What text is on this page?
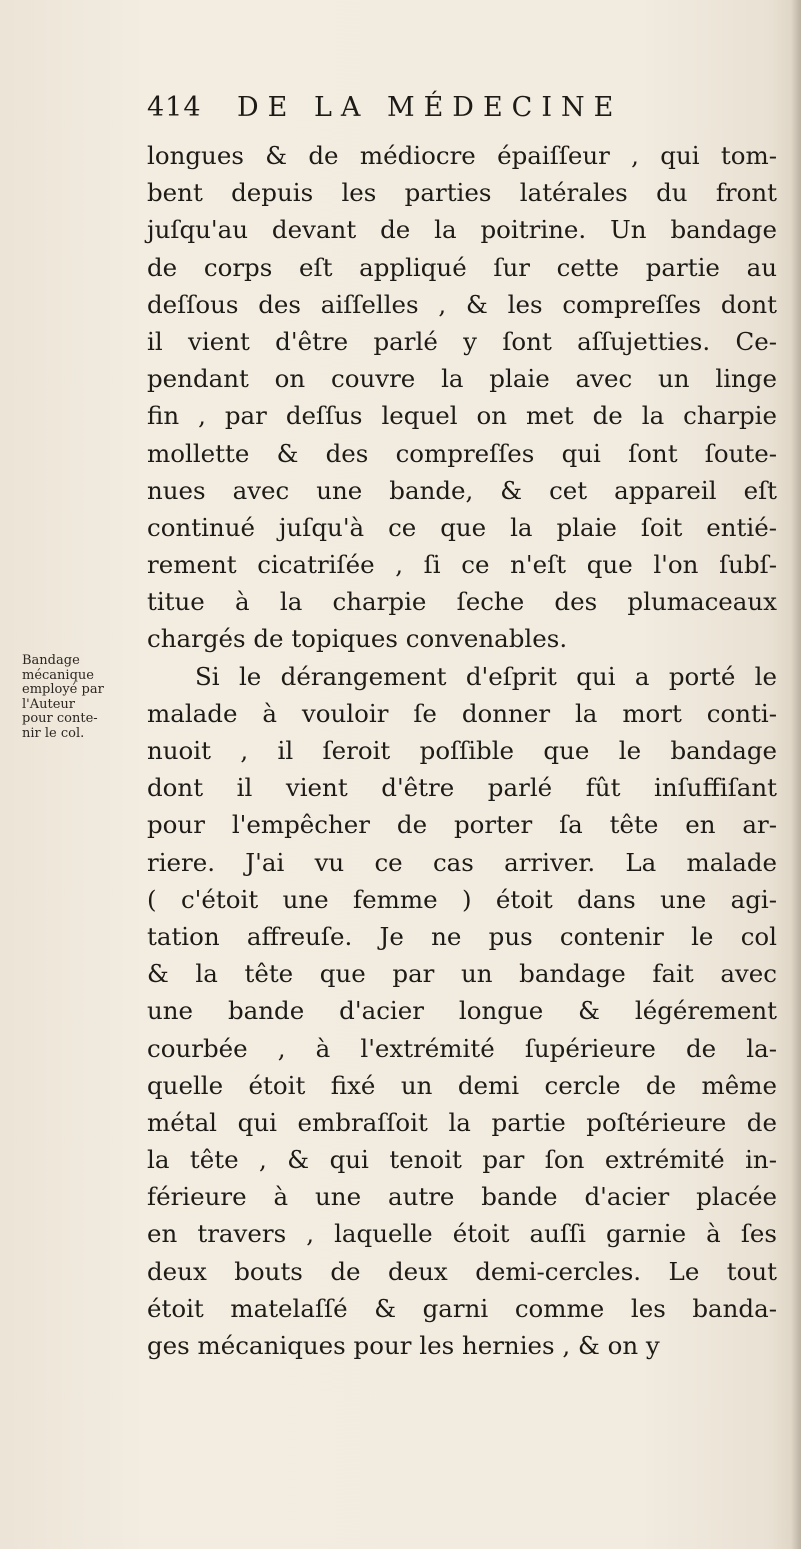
414 DE LA MÉDECINE
Bandage
mécanique
employé par
l'Auteur
pour conte-
nir le col.
longues & de médiocre épaiſſeur , qui tom-
bent depuis les parties latérales du front
juſqu'au devant de la poitrine. Un bandage
de corps eſt appliqué ſur cette partie au
deſſous des aiſſelles , & les compreſſes dont
il vient d'être parlé y ſont aſſujetties. Ce-
pendant on couvre la plaie avec un linge
fin , par deſſus lequel on met de la charpie
mollette & des compreſſes qui ſont ſoute-
nues avec une bande, & cet appareil eſt
continué juſqu'à ce que la plaie ſoit entié-
rement cicatriſée , ſi ce n'eſt que l'on ſubſ-
titue à la charpie ſeche des plumaceaux
chargés de topiques convenables.
Si le dérangement d'eſprit qui a porté le
malade à vouloir ſe donner la mort conti-
nuoit , il ſeroit poſſible que le bandage
dont il vient d'être parlé fût inſuffiſant
pour l'empêcher de porter ſa tête en ar-
riere. J'ai vu ce cas arriver. La malade
( c'étoit une femme ) étoit dans une agi-
tation affreuſe. Je ne pus contenir le col
& la tête que par un bandage fait avec
une bande d'acier longue & légérement
courbée , à l'extrémité ſupérieure de la-
quelle étoit fixé un demi cercle de même
métal qui embraſſoit la partie poſtérieure de
la tête , & qui tenoit par ſon extrémité in-
férieure à une autre bande d'acier placée
en travers , laquelle étoit auſſi garnie à ſes
deux bouts de deux demi-cercles. Le tout
étoit matelaſſé & garni comme les banda-
ges mécaniques pour les hernies , & on y
